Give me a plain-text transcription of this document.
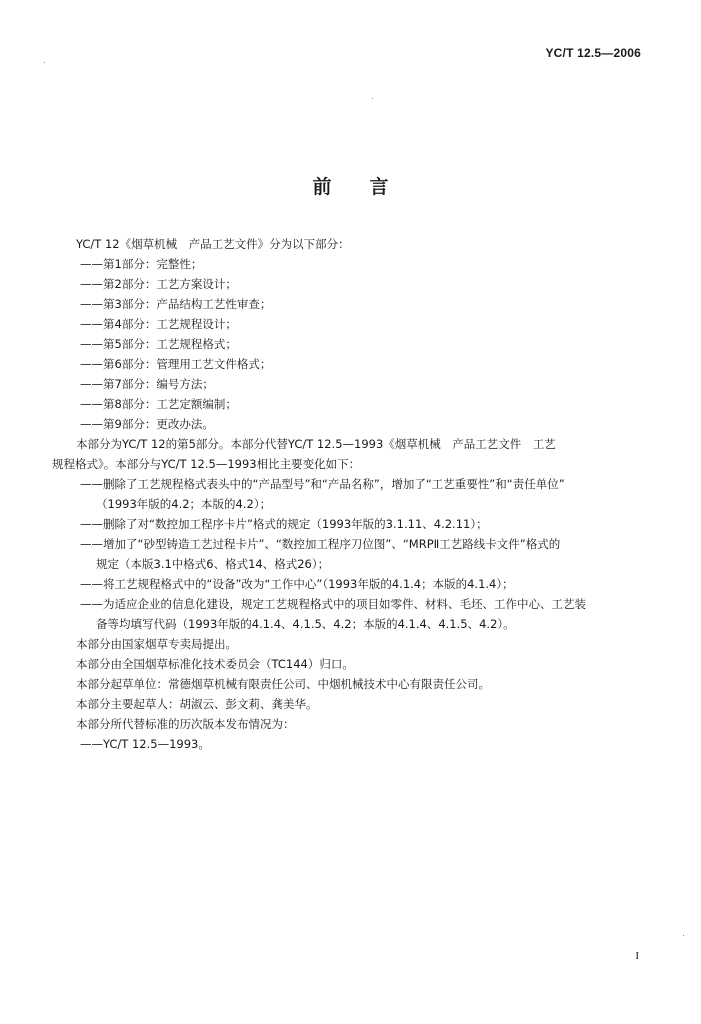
YC/T 12.5—2006
前言
YC/T 12《烟草机械　产品工艺文件》分为以下部分：
——第1部分：完整性；
——第2部分：工艺方案设计；
——第3部分：产品结构工艺性审查；
——第4部分：工艺规程设计；
——第5部分：工艺规程格式；
——第6部分：管理用工艺文件格式；
——第7部分：编号方法；
——第8部分：工艺定额编制；
——第9部分：更改办法。
本部分为YC/T 12的第5部分。本部分代替YC/T 12.5—1993《烟草机械　产品工艺文件　工艺
规程格式》。本部分与YC/T 12.5—1993相比主要变化如下：
——删除了工艺规程格式表头中的“产品型号”和“产品名称”，增加了“工艺重要性”和“责任单位”
（1993年版的4.2；本版的4.2）；
——删除了对“数控加工程序卡片”格式的规定（1993年版的3.1.11、4.2.11）；
——增加了“砂型铸造工艺过程卡片”、“数控加工程序刀位图”、“MRPⅡ工艺路线卡文件”格式的
规定（本版3.1中格式6、格式14、格式26）；
——将工艺规程格式中的“设备”改为“工作中心”（1993年版的4.1.4；本版的4.1.4）；
——为适应企业的信息化建设，规定工艺规程格式中的项目如零件、材料、毛坯、工作中心、工艺装
备等均填写代码（1993年版的4.1.4、4.1.5、4.2；本版的4.1.4、4.1.5、4.2）。
本部分由国家烟草专卖局提出。
本部分由全国烟草标准化技术委员会（TC144）归口。
本部分起草单位：常德烟草机械有限责任公司、中烟机械技术中心有限责任公司。
本部分主要起草人：胡淑云、彭文莉、龚美华。
本部分所代替标准的历次版本发布情况为：
——YC/T 12.5—1993。
I
